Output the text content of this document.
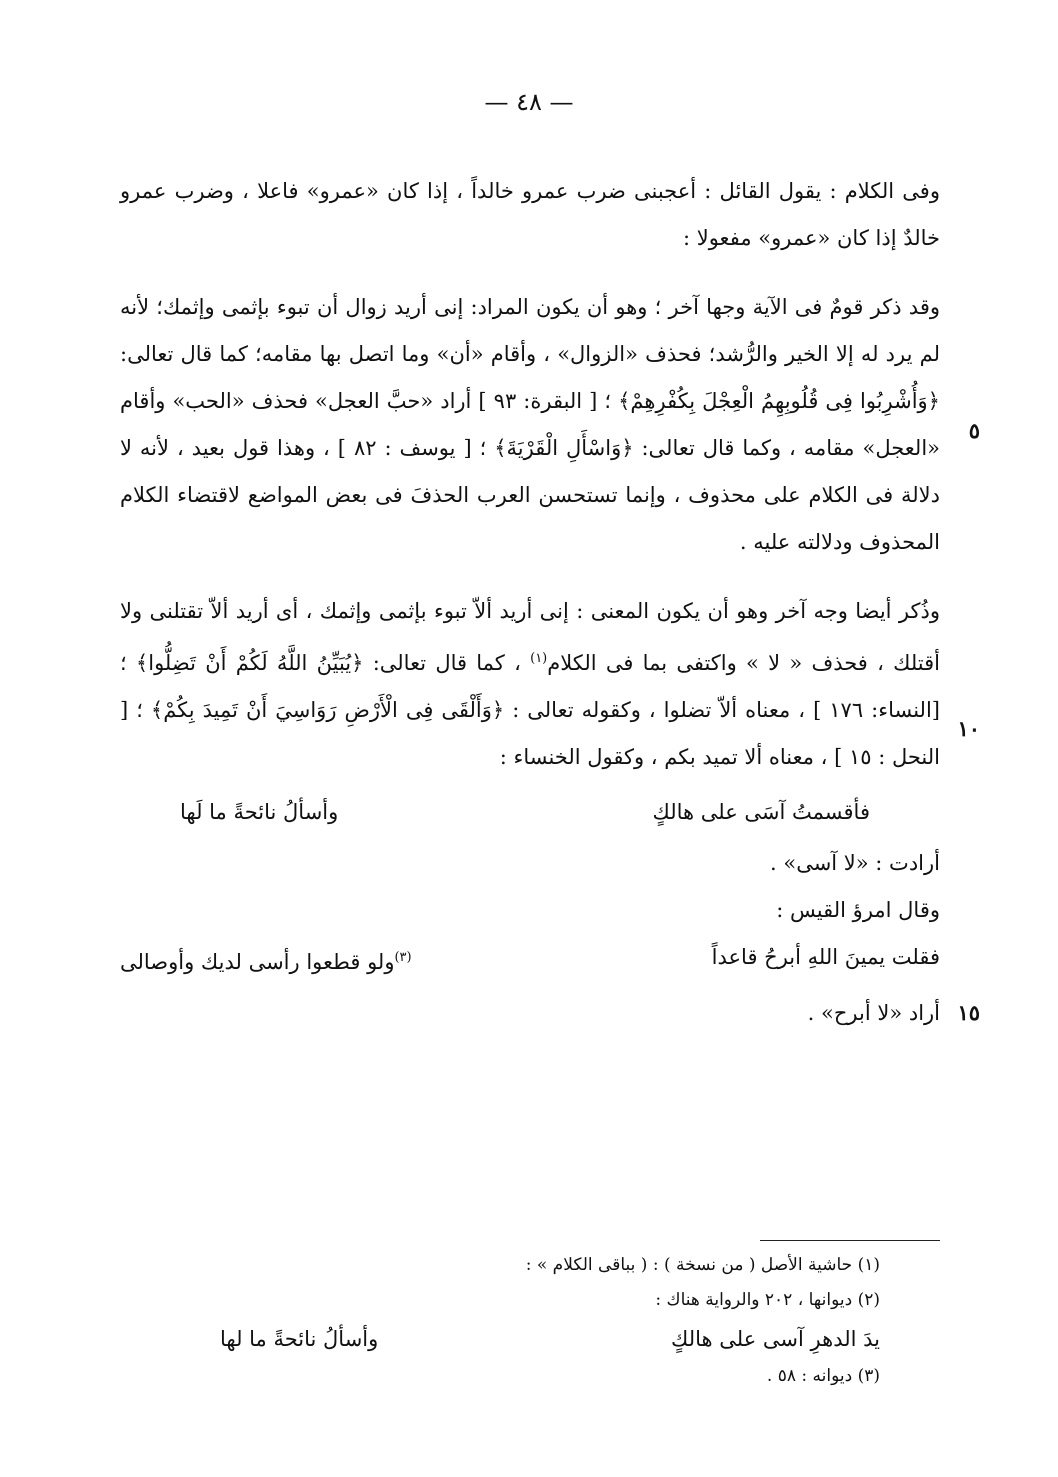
— ٤٨ —
٥
١٠
١٥

وفى الكلام : يقول القائل : أعجبنى ضرب عمرو خالداً ، إذا كان «عمرو» فاعلا ، وضرب عمرو خالدٌ إذا كان «عمرو» مفعولا :

وقد ذكر قومٌ فى الآية وجها آخر ؛ وهو أن يكون المراد: إنى أريد زوال أن تبوء بإثمى وإثمك؛ لأنه لم يرد له إلا الخير والرُّشد؛ فحذف «الزوال» ، وأقام «أن» وما اتصل بها مقامه؛ كما قال تعالى: ﴿وَأُشْرِبُوا فِى قُلُوبِهِمُ الْعِجْلَ بِكُفْرِهِمْ﴾ ؛ [ البقرة: ٩٣ ] أراد «حبَّ العجل» فحذف «الحب» وأقام «العجل» مقامه ، وكما قال تعالى: ﴿وَاسْأَلِ الْقَرْيَةَ﴾ ؛ [ يوسف : ٨٢ ] ، وهذا قول بعيد ، لأنه لا دلالة فى الكلام على محذوف ، وإنما تستحسن العرب الحذفَ فى بعض المواضع لاقتضاء الكلام المحذوف ودلالته عليه .

وذُكر أيضا وجه آخر وهو أن يكون المعنى : إنى أريد ألاّ تبوء بإثمى وإثمك ، أى أريد ألاّ تقتلنى ولا أقتلك ، فحذف « لا » واكتفى بما فى الكلام$^{(١)}$ ، كما قال تعالى: ﴿يُبَيِّنُ اللَّهُ لَكُمْ أَنْ تَضِلُّوا﴾ ؛ [النساء: ١٧٦ ] ، معناه ألاّ تضلوا ، وكقوله تعالى : ﴿وَأَلْقَى فِى الْأَرْضِ رَوَاسِيَ أَنْ تَمِيدَ بِكُمْ﴾ ؛ [ النحل : ١٥ ] ، معناه ألا تميد بكم ، وكقول الخنساء :

فأقسمتُ آسَى على هالكٍ
وأسألُ نائحةً ما لَها
أرادت : «لا آسى» .
وقال امرؤ القيس :
فقلت يمينَ اللهِ أبرحُ قاعداً
$^{(٣)}$ولو قطعوا رأسى لديك وأوصالى
أراد «لا أبرح» .
(١) حاشية الأصل ( من نسخة ) : ( بباقى الكلام » :
(٢) ديوانها ، ٢٠٢ والرواية هناك :
يدَ الدهرِ آسى على هالكٍ
وأسألُ نائحةً ما لها
(٣) ديوانه : ٥٨ .
